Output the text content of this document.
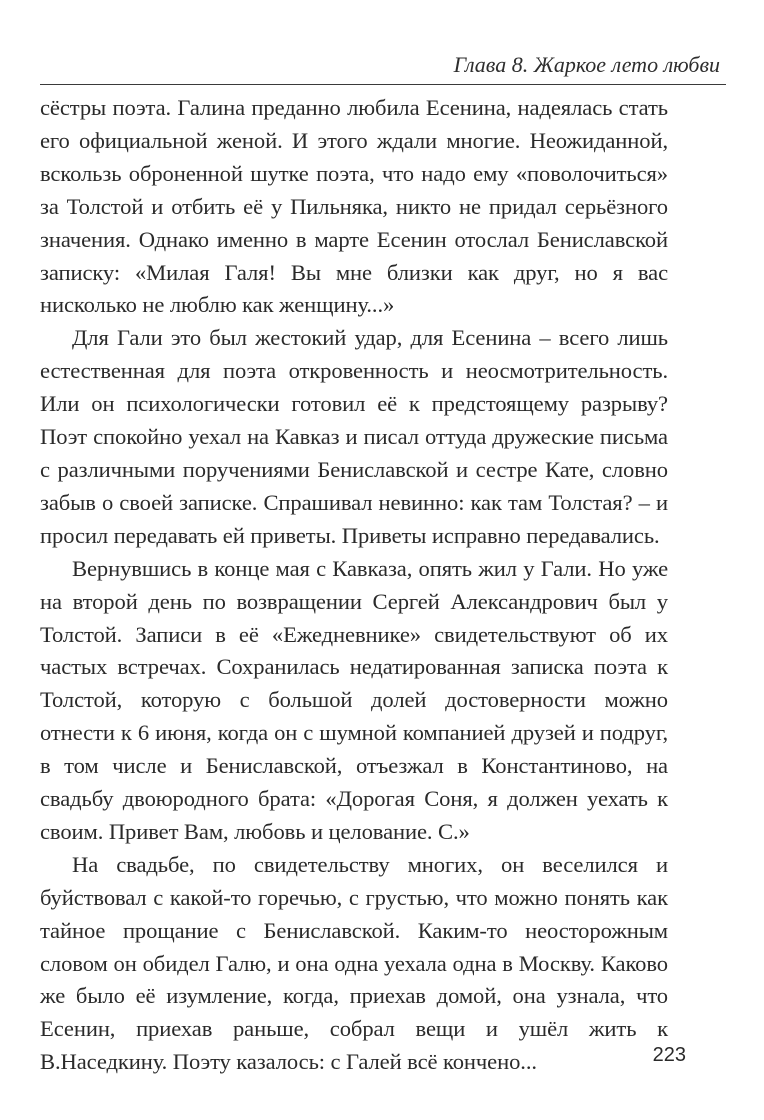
Глава 8. Жаркое лето любви

сёстры поэта. Галина преданно любила Есенина, надеялась стать его официальной женой. И этого ждали многие. Неожиданной, вскользь оброненной шутке поэта, что надо ему «поволочиться» за Толстой и отбить её у Пильняка, никто не придал серьёзного значения. Однако именно в марте Есенин отослал Бениславской записку: «Милая Галя! Вы мне близки как друг, но я вас нисколько не люблю как женщину...»

Для Гали это был жестокий удар, для Есенина – всего лишь естественная для поэта откровенность и неосмотрительность. Или он психологически готовил её к предстоящему разрыву? Поэт спокойно уехал на Кавказ и писал оттуда дружеские письма с различными поручениями Бениславской и сестре Кате, словно забыв о своей записке. Спрашивал невинно: как там Толстая? – и просил передавать ей приветы. Приветы исправно передавались.

Вернувшись в конце мая с Кавказа, опять жил у Гали. Но уже на второй день по возвращении Сергей Александрович был у Толстой. Записи в её «Ежедневнике» свидетельствуют об их частых встречах. Сохранилась недатированная записка поэта к Толстой, которую с большой долей достоверности можно отнести к 6 июня, когда он с шумной компанией друзей и подруг, в том числе и Бениславской, отъезжал в Константиново, на свадьбу двоюродного брата: «Дорогая Соня, я должен уехать к своим. Привет Вам, любовь и целование. С.»

На свадьбе, по свидетельству многих, он веселился и буйствовал с какой-то горечью, с грустью, что можно понять как тайное прощание с Бениславской. Каким-то неосторожным словом он обидел Галю, и она одна уехала одна в Москву. Каково же было её изумление, когда, приехав домой, она узнала, что Есенин, приехав раньше, собрал вещи и ушёл жить к В.Наседкину. Поэту казалось: с Галей всё кончено...	223
